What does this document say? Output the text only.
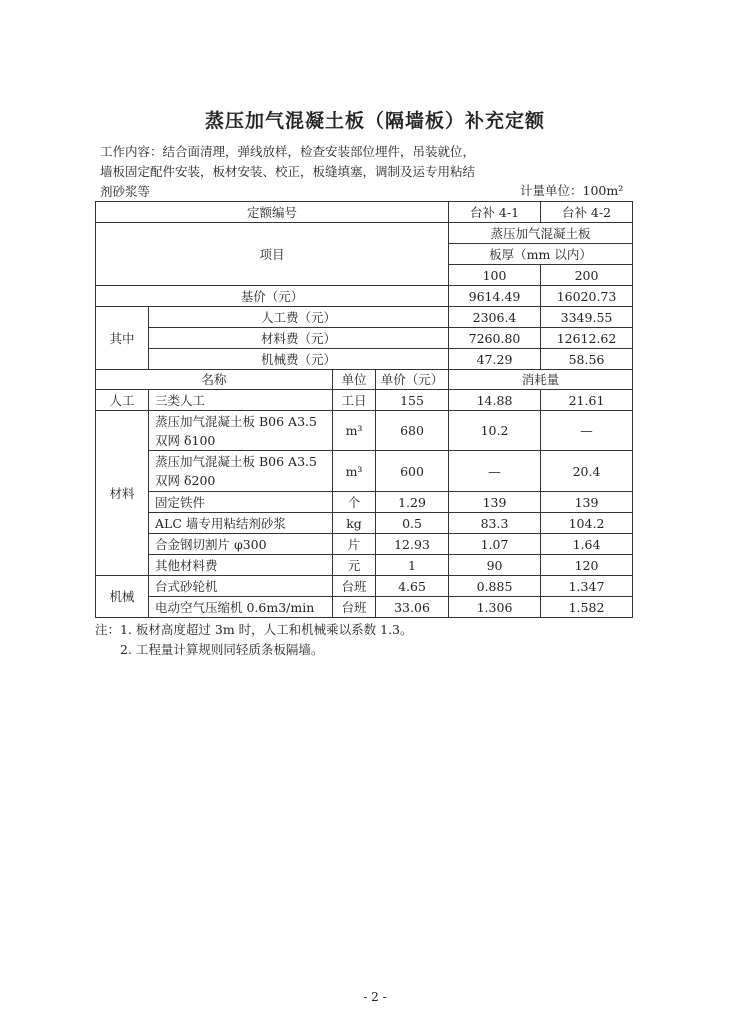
蒸压加气混凝土板（隔墙板）补充定额
工作内容：结合面清理，弹线放样，检查安装部位埋件，吊装就位，墙板固定配件安装，板材安装、校正，板缝填塞，调制及运专用粘结剂砂浆等	计量单位：100m²
定额编号				台补 4-1	台补 4-2
项目				蒸压加气混凝土板	
				板厚（mm 以内）	
				100	200
基价（元）				9614.49	16020.73
其中	人工费（元）			2306.4	3349.55
	材料费（元）			7260.80	12612.62
	机械费（元）			47.29	58.56
名称		单位	单价（元）	消耗量	
人工	三类人工	工日	155	14.88	21.61
材料	蒸压加气混凝土板 B06 A3.5 双网 δ100	m³	680	10.2	—
	蒸压加气混凝土板 B06 A3.5 双网 δ200	m³	600	—	20.4
	固定铁件	个	1.29	139	139
	ALC 墙专用粘结剂砂浆	kg	0.5	83.3	104.2
	合金钢切割片 φ300	片	12.93	1.07	1.64
	其他材料费	元	1	90	120
机械	台式砂轮机	台班	4.65	0.885	1.347
	电动空气压缩机 0.6m3/min	台班	33.06	1.306	1.582
注：1. 板材高度超过 3m 时，人工和机械乘以系数 1.3。
2. 工程量计算规则同轻质条板隔墙。
- 2 -
